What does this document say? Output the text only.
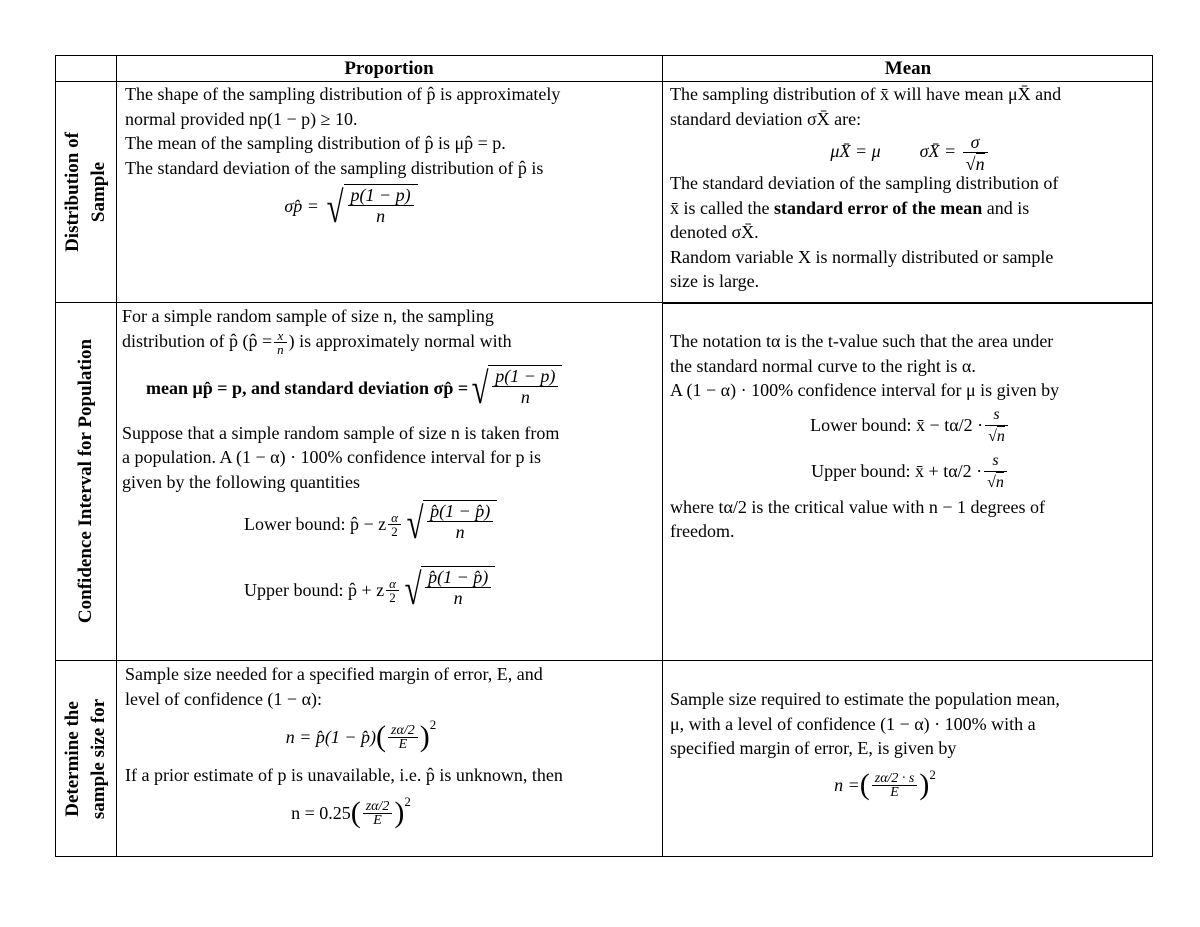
Proportion	Mean
Distribution of Sample
Confidence Interval for Population
Determine the sample size for

The shape of the sampling distribution of p̂ is approximately

normal provided np(1 − p) ≥ 10.

The mean of the sampling distribution of p̂ is μp̂ = p.

The standard deviation of the sampling distribution of p̂ is

σp̂ = √ $\frac{p(1 - p)}{n}$

The sampling distribution of x̄ will have mean μX̄ and

standard deviation σX̄ are:

μX̄ = μ σX̄ = $\frac{\sigma}{√n}$

The standard deviation of the sampling distribution of

x̄ is called the standard error of the mean and is

denoted σX̄.

Random variable X is normally distributed or sample

size is large.

For a simple random sample of size n, the sampling

distribution of p̂ (p̂ = $\frac{x}{n}$ ) is approximately normal with

mean μp̂ = p, and standard deviation σp̂ = √ $\frac{p(1 - p)}{n}$

Suppose that a simple random sample of size n is taken from

a population. A (1 − α) · 100% confidence interval for p is

given by the following quantities

Lower bound: p̂ − z $\frac{\alpha}{2}$ √ $\frac{p̂(1 - p̂)}{n}$
Upper bound: p̂ + z $\frac{\alpha}{2}$ √ $\frac{p̂(1 - p̂)}{n}$

The notation tα is the t-value such that the area under

the standard normal curve to the right is α.

A (1 − α) · 100% confidence interval for μ is given by

Lower bound: x̄ − $t\alpha/2 \cdot \frac{s}{√n}$
Upper bound: x̄ + $t\alpha/2 \cdot \frac{s}{√n}$

where tα/2 is the critical value with n − 1 degrees of

freedom.

Sample size needed for a specified margin of error, E, and

level of confidence (1 − α):

n = p̂(1 − p̂) ( $\frac{z\alpha/2}{E} )^2$

If a prior estimate of p is unavailable, i.e. p̂ is unknown, then

n = 0.25 ( $\frac{z\alpha/2}{E} )^2$

Sample size required to estimate the population mean,

μ, with a level of confidence (1 − α) · 100% with a

specified margin of error, E, is given by

n = ( $\frac{z\alpha/2 \cdot s}{E} )^2$
